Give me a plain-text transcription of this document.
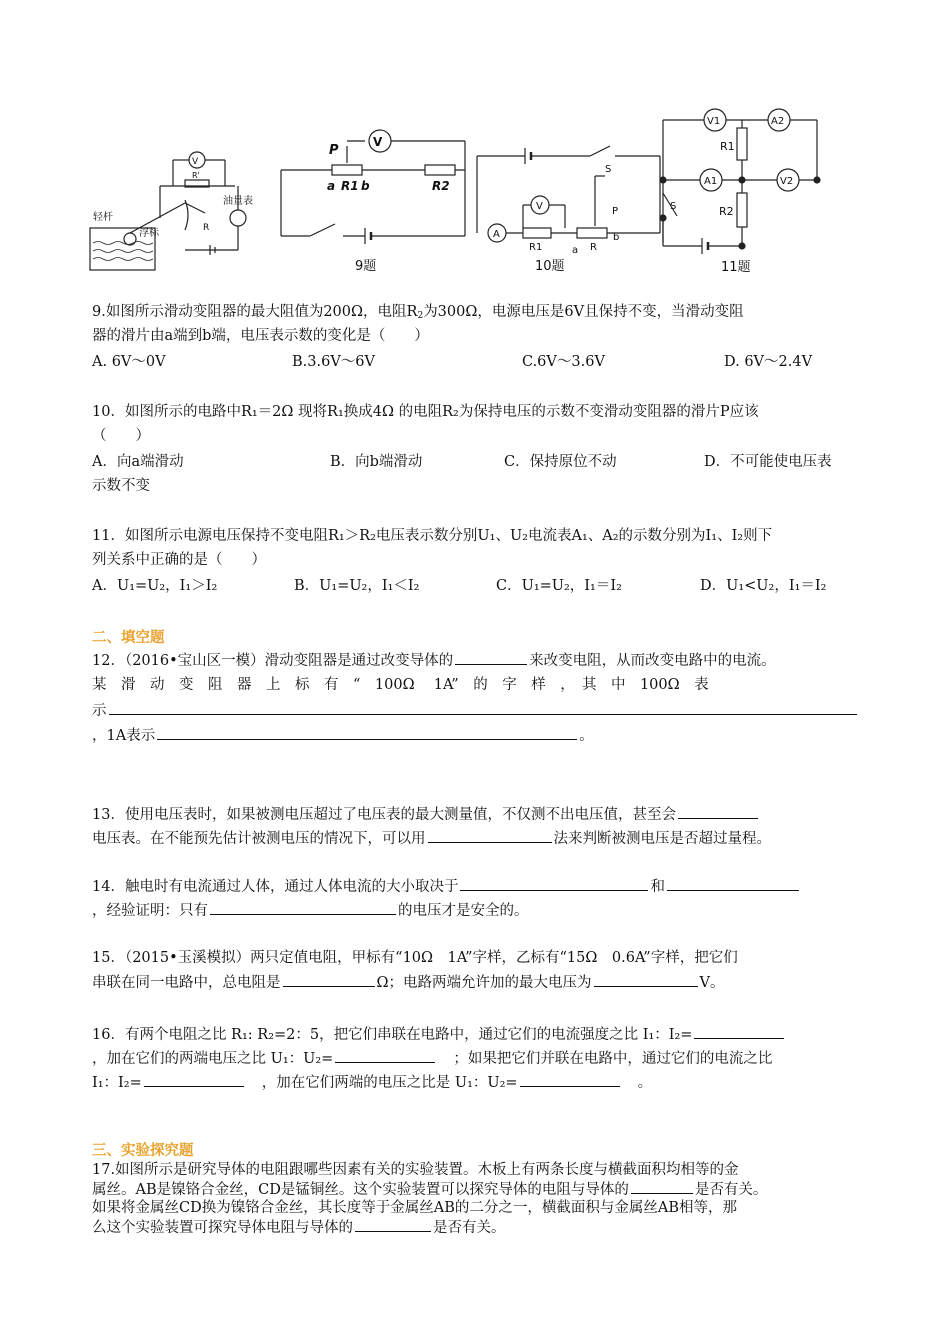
V
R'
R
轻杆
浮标
油量表
V
P
a R1 b	R2
9题
S
P
V
A
R1	a R
b
10题
V1	A2
R1
A1	V2
R2
S
11题
9.如图所示滑动变阻器的最大阻值为200Ω，电阻$R_2$为300Ω，电源电压是6V且保持不变，当滑动变阻
器的滑片由a端到b端，电压表示数的变化是（　　）
A. 6V～0V	B.3.6V～6V	C.6V～3.6V	D. 6V～2.4V
10．如图所示的电路中R₁＝2Ω 现将R₁换成4Ω 的电阻R₂为保持电压的示数不变滑动变阻器的滑片P应该
（　　）
A．向a端滑动	B．向b端滑动	C．保持原位不动	D．不可能使电压表
示数不变
11．如图所示电源电压保持不变电阻R₁＞R₂电压表示数分别U₁、U₂电流表A₁、A₂的示数分别为I₁、I₂则下
列关系中正确的是（　　）
A．U₁=U₂，I₁＞I₂	B．U₁=U₂，I₁＜I₂	C．U₁=U₂，I₁＝I₂	D．U₁<U₂，I₁＝I₂
二、填空题
12．（2016•宝山区一模）滑动变阻器是通过改变导体的	来改变电阻，从而改变电路中的电流。
某　滑　动　变　阻　器　上　标　有　“　100Ω　 1A”　的　字　样　，　其　中　100Ω　表
示
，1A表示	。
13．使用电压表时，如果被测电压超过了电压表的最大测量值，不仅测不出电压值，甚至会
电压表。在不能预先估计被测电压的情况下，可以用	法来判断被测电压是否超过量程。
14．触电时有电流通过人体，通过人体电流的大小取决于	和
，经验证明：只有	的电压才是安全的。
15．（2015•玉溪模拟）两只定值电阻，甲标有“10Ω　1A”字样，乙标有“15Ω　0.6A”字样，把它们
串联在同一电路中，总电阻是	Ω；电路两端允许加的最大电压为	V。
16．有两个电阻之比 R₁: R₂=2：5，把它们串联在电路中，通过它们的电流强度之比 I₁：I₂=
，加在它们的两端电压之比 U₁：U₂=	；如果把它们并联在电路中，通过它们的电流之比
I₁：I₂=	，加在它们两端的电压之比是 U₁：U₂=	。
三、实验探究题
17.如图所示是研究导体的电阻跟哪些因素有关的实验装置。木板上有两条长度与横截面积均相等的金
属丝。AB是镍铬合金丝，CD是锰铜丝。这个实验装置可以探究导体的电阻与导体的	是否有关。
如果将金属丝CD换为镍铬合金丝，其长度等于金属丝AB的二分之一，横截面积与金属丝AB相等，那
么这个实验装置可探究导体电阻与导体的	是否有关。
